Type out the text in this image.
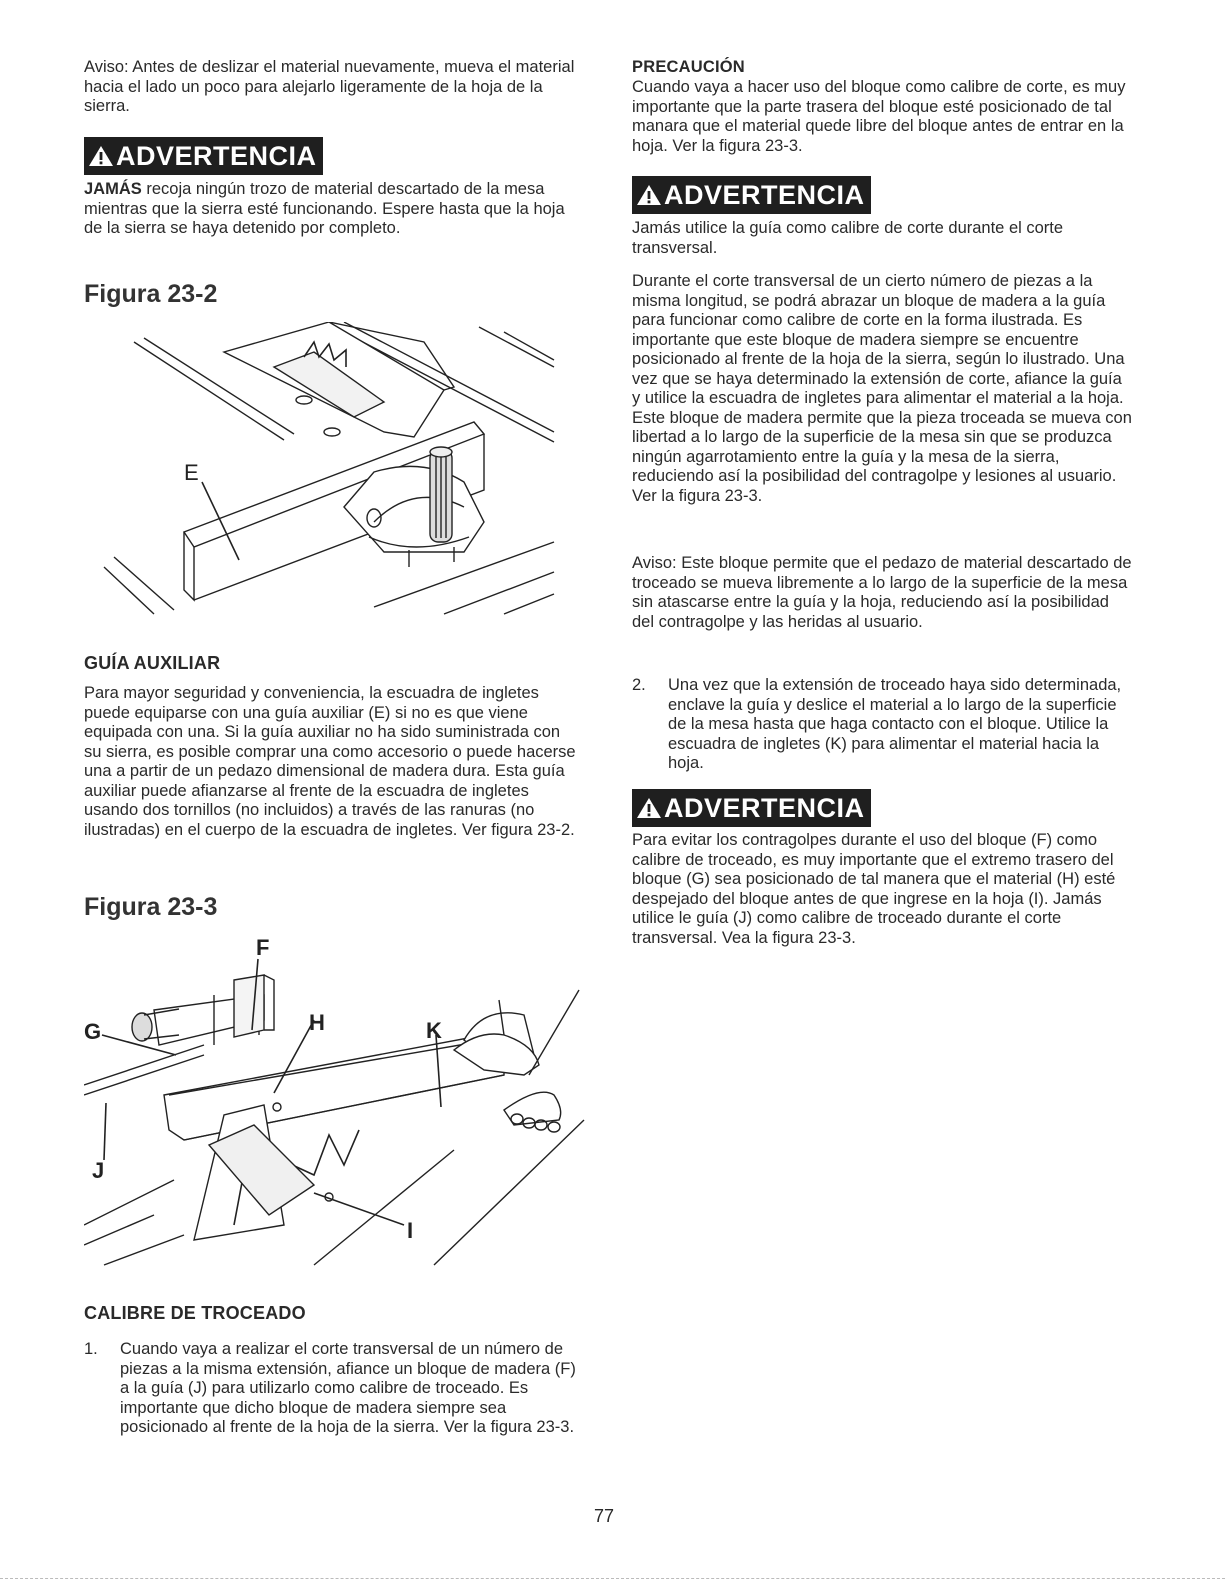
Aviso: Antes de deslizar el material nuevamente, mueva el material hacia el lado un poco para alejarlo ligeramente de la hoja de la sierra.

ADVERTENCIA

JAMÁS recoja ningún trozo de material descartado de la mesa mientras que la sierra esté funcionando. Espere hasta que la hoja de la sierra se haya detenido por completo.

Figura 23-2
E
GUÍA AUXILIAR

Para mayor seguridad y conveniencia, la escuadra de ingletes puede equiparse con una guía auxiliar (E) si no es que viene equipada con una. Si la guía auxiliar no ha sido suministrada con su sierra, es posible comprar una como accesorio o puede hacerse una a partir de un pedazo dimensional de madera dura. Esta guía auxiliar puede afianzarse al frente de la escuadra de ingletes usando dos tornillos (no incluidos) a través de las ranuras (no ilustradas) en el cuerpo de la escuadra de ingletes. Ver figura 23-2.

Figura 23-3
F
G	H	K
J
I
CALIBRE DE TROCEADO

1. Cuando vaya a realizar el corte transversal de un número de piezas a la misma extensión, afiance un bloque de madera (F) a la guía (J) para utilizarlo como calibre de troceado. Es importante que dicho bloque de madera siempre sea posicionado al frente de la hoja de la sierra. Ver la figura 23-3.

PRECAUCIÓN

Cuando vaya a hacer uso del bloque como calibre de corte, es muy importante que la parte trasera del bloque esté posicionado de tal manara que el material quede libre del bloque antes de entrar en la hoja. Ver la figura 23-3.

ADVERTENCIA

Jamás utilice la guía como calibre de corte durante el corte transversal.

Durante el corte transversal de un cierto número de piezas a la misma longitud, se podrá abrazar un bloque de madera a la guía para funcionar como calibre de corte en la forma ilustrada. Es importante que este bloque de madera siempre se encuentre posicionado al frente de la hoja de la sierra, según lo ilustrado. Una vez que se haya determinado la extensión de corte, afiance la guía y utilice la escuadra de ingletes para alimentar el material a la hoja. Este bloque de madera permite que la pieza troceada se mueva con libertad a lo largo de la superficie de la mesa sin que se produzca ningún agarrotamiento entre la guía y la mesa de la sierra, reduciendo así la posibilidad del contragolpe y lesiones al usuario. Ver la figura 23-3.

Aviso: Este bloque permite que el pedazo de material descartado de troceado se mueva libremente a lo largo de la superficie de la mesa sin atascarse entre la guía y la hoja, reduciendo así la posibilidad del contragolpe y las heridas al usuario.

2. Una vez que la extensión de troceado haya sido determinada, enclave la guía y deslice el material a lo largo de la superficie de la mesa hasta que haga contacto con el bloque. Utilice la escuadra de ingletes (K) para alimentar el material hacia la hoja.

ADVERTENCIA

Para evitar los contragolpes durante el uso del bloque (F) como calibre de troceado, es muy importante que el extremo trasero del bloque (G) sea posicionado de tal manera que el material (H) esté despejado del bloque antes de que ingrese en la hoja (I). Jamás utilice le guía (J) como calibre de troceado durante el corte transversal. Vea la figura 23-3.

77
